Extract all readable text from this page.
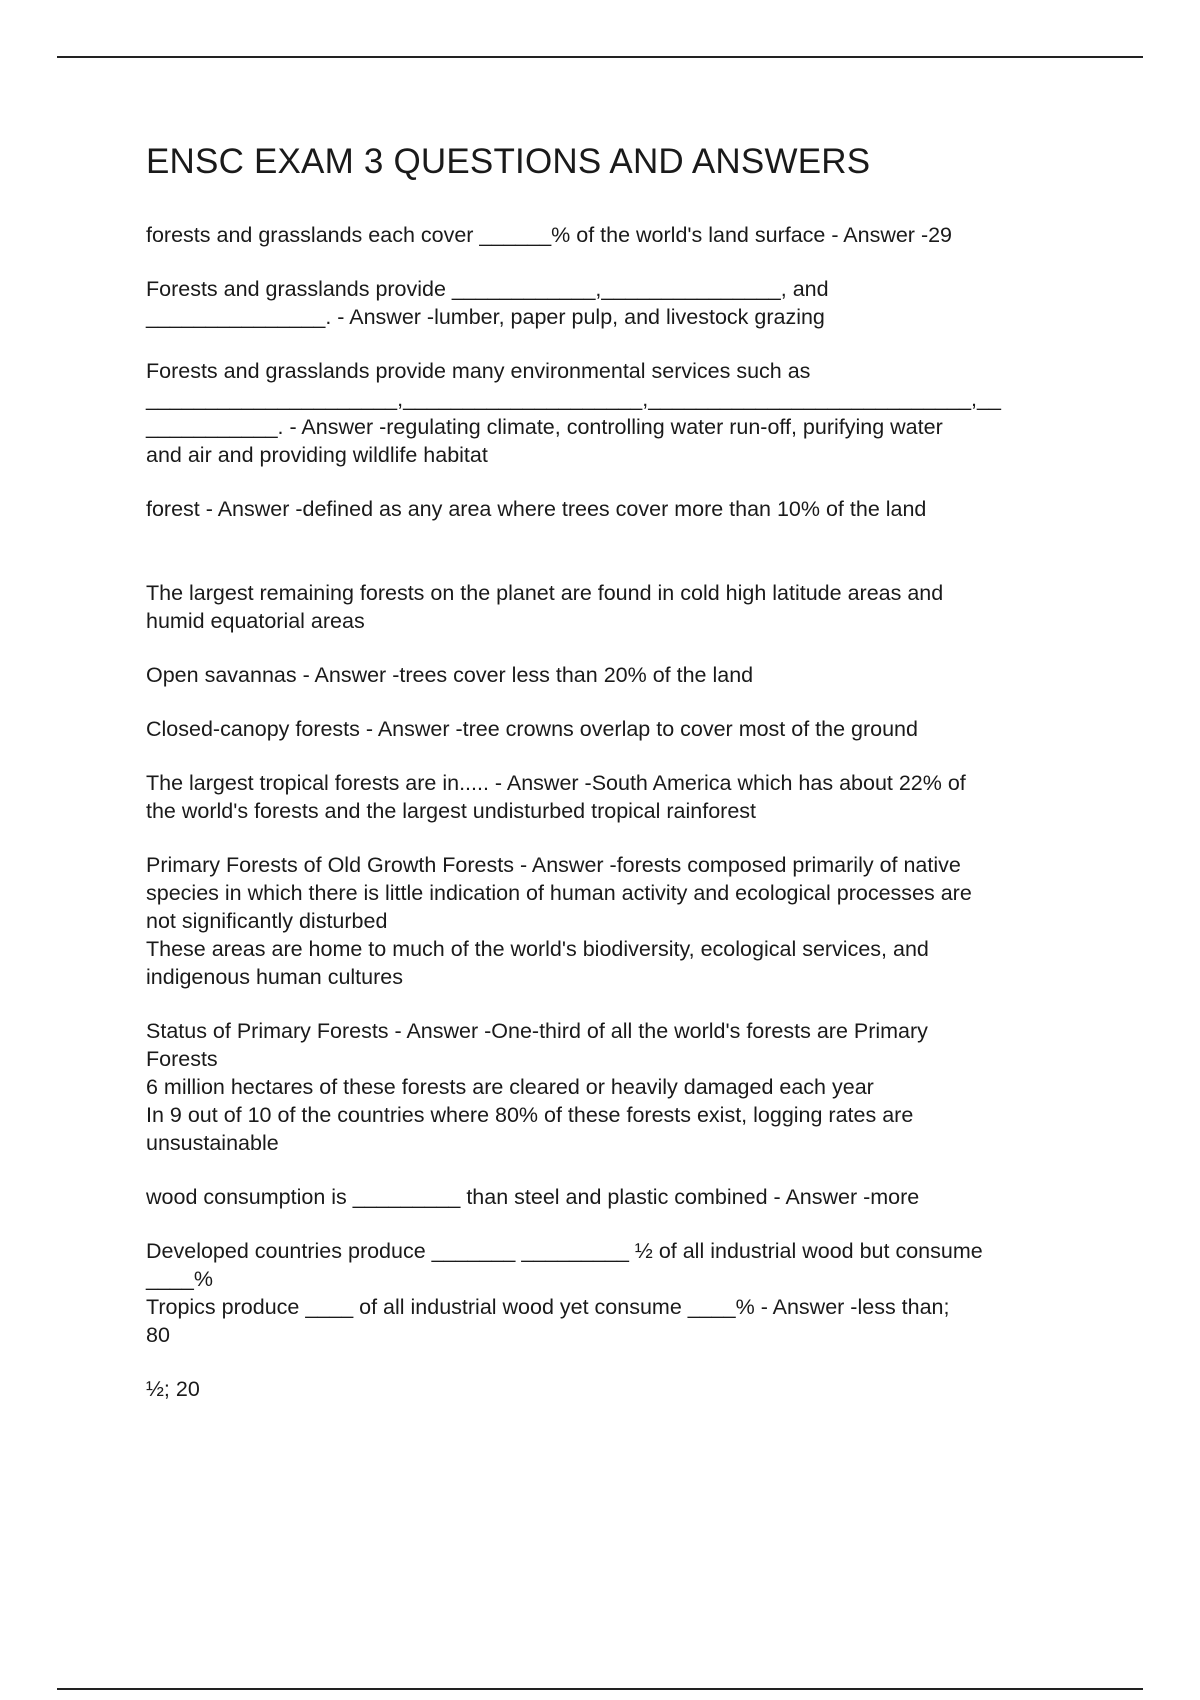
ENSC EXAM 3 QUESTIONS AND ANSWERS
forests and grasslands each cover ______% of the world's land surface - Answer -29
Forests and grasslands provide ____________,_______________, and
_______________. - Answer -lumber, paper pulp, and livestock grazing
Forests and grasslands provide many environmental services such as
_____________________,____________________,___________________________,__
___________. - Answer -regulating climate, controlling water run-off, purifying water
and air and providing wildlife habitat
forest - Answer -defined as any area where trees cover more than 10% of the land
The largest remaining forests on the planet are found in cold high latitude areas and
humid equatorial areas
Open savannas - Answer -trees cover less than 20% of the land
Closed-canopy forests - Answer -tree crowns overlap to cover most of the ground
The largest tropical forests are in..... - Answer -South America which has about 22% of
the world's forests and the largest undisturbed tropical rainforest
Primary Forests of Old Growth Forests - Answer -forests composed primarily of native
species in which there is little indication of human activity and ecological processes are
not significantly disturbed
These areas are home to much of the world's biodiversity, ecological services, and
indigenous human cultures
Status of Primary Forests - Answer -One-third of all the world's forests are Primary
Forests
6 million hectares of these forests are cleared or heavily damaged each year
In 9 out of 10 of the countries where 80% of these forests exist, logging rates are
unsustainable
wood consumption is _________ than steel and plastic combined - Answer -more
Developed countries produce _______ _________ ½ of all industrial wood but consume
____%
Tropics produce ____ of all industrial wood yet consume ____% - Answer -less than;
80
½; 20
